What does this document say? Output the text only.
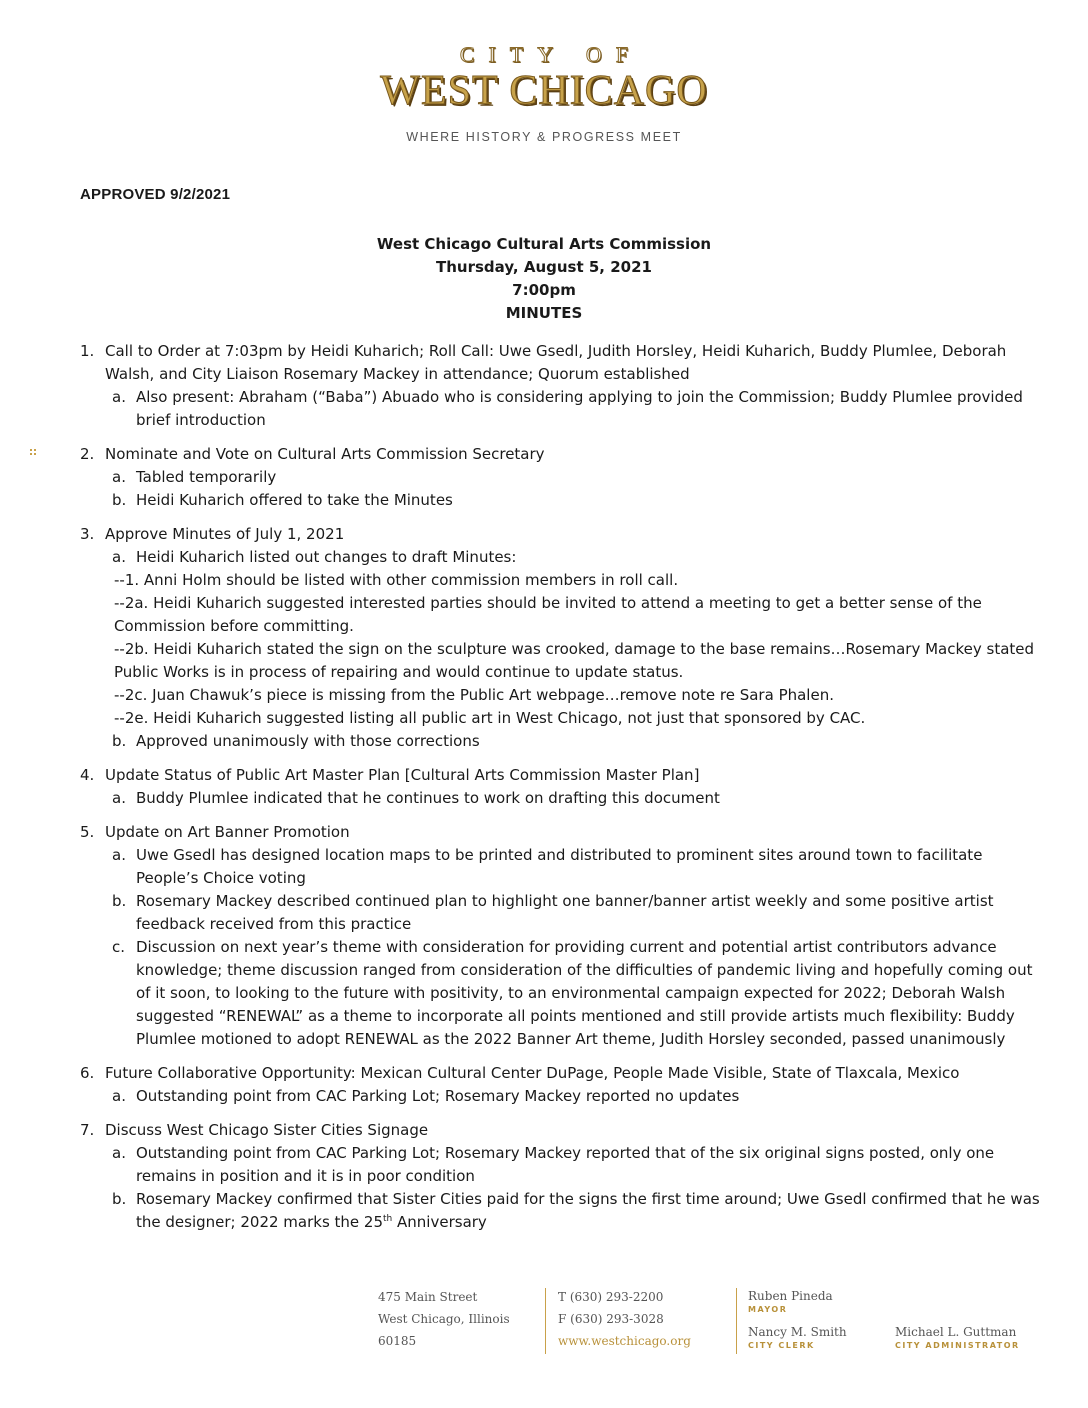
CITY OF
WEST CHICAGO
WHERE HISTORY & PROGRESS MEET
APPROVED 9/2/2021
West Chicago Cultural Arts Commission
Thursday, August 5, 2021
7:00pm
MINUTES
1. Call to Order at 7:03pm by Heidi Kuharich; Roll Call: Uwe Gsedl, Judith Horsley, Heidi Kuharich, Buddy Plumlee, Deborah Walsh, and City Liaison Rosemary Mackey in attendance; Quorum established
a. Also present: Abraham (“Baba”) Abuado who is considering applying to join the Commission; Buddy Plumlee provided brief introduction
2. Nominate and Vote on Cultural Arts Commission Secretary
a. Tabled temporarily
b. Heidi Kuharich offered to take the Minutes
3. Approve Minutes of July 1, 2021
a. Heidi Kuharich listed out changes to draft Minutes:
--1. Anni Holm should be listed with other commission members in roll call.
--2a. Heidi Kuharich suggested interested parties should be invited to attend a meeting to get a better sense of the Commission before committing.
--2b. Heidi Kuharich stated the sign on the sculpture was crooked, damage to the base remains…Rosemary Mackey stated Public Works is in process of repairing and would continue to update status.
--2c. Juan Chawuk’s piece is missing from the Public Art webpage…remove note re Sara Phalen.
--2e. Heidi Kuharich suggested listing all public art in West Chicago, not just that sponsored by CAC.
b. Approved unanimously with those corrections
4. Update Status of Public Art Master Plan [Cultural Arts Commission Master Plan]
a. Buddy Plumlee indicated that he continues to work on drafting this document
5. Update on Art Banner Promotion
a. Uwe Gsedl has designed location maps to be printed and distributed to prominent sites around town to facilitate People’s Choice voting
b. Rosemary Mackey described continued plan to highlight one banner/banner artist weekly and some positive artist feedback received from this practice
c. Discussion on next year’s theme with consideration for providing current and potential artist contributors advance knowledge; theme discussion ranged from consideration of the difficulties of pandemic living and hopefully coming out of it soon, to looking to the future with positivity, to an environmental campaign expected for 2022; Deborah Walsh suggested “RENEWAL” as a theme to incorporate all points mentioned and still provide artists much flexibility: Buddy Plumlee motioned to adopt RENEWAL as the 2022 Banner Art theme, Judith Horsley seconded, passed unanimously
6. Future Collaborative Opportunity: Mexican Cultural Center DuPage, People Made Visible, State of Tlaxcala, Mexico
a. Outstanding point from CAC Parking Lot; Rosemary Mackey reported no updates
7. Discuss West Chicago Sister Cities Signage
a. Outstanding point from CAC Parking Lot; Rosemary Mackey reported that of the six original signs posted, only one remains in position and it is in poor condition
b. Rosemary Mackey confirmed that Sister Cities paid for the signs the first time around; Uwe Gsedl confirmed that he was the designer; 2022 marks the 25th Anniversary
475 Main Street
West Chicago, Illinois
60185
T (630) 293-2200
F (630) 293-3028
www.westchicago.org
Ruben Pineda
MAYOR
Nancy M. Smith
CITY CLERK
Michael L. Guttman
CITY ADMINISTRATOR
